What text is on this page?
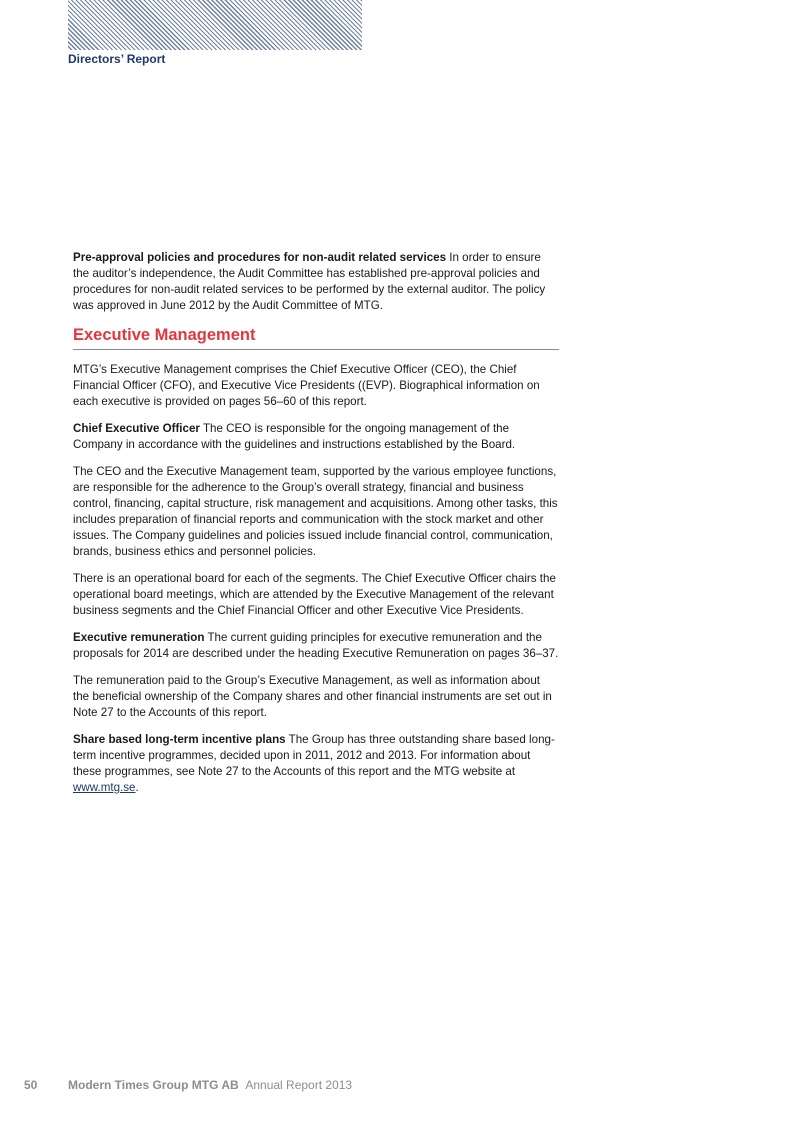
Directors’ Report

Pre-approval policies and procedures for non-audit related services In order to ensure the auditor’s independence, the Audit Committee has established pre-approval policies and procedures for non-audit related services to be performed by the external auditor. The policy was approved in June 2012 by the Audit Committee of MTG.

Executive Management

MTG’s Executive Management comprises the Chief Executive Officer (CEO), the Chief Financial Officer (CFO), and Executive Vice Presidents ((EVP). Biographical information on each executive is provided on pages 56–60 of this report.

Chief Executive Officer The CEO is responsible for the ongoing management of the Company in accordance with the guidelines and instructions established by the Board.

The CEO and the Executive Management team, supported by the various employee functions, are responsible for the adherence to the Group’s overall strategy, financial and business control, financing, capital structure, risk management and acquisitions. Among other tasks, this includes preparation of financial reports and communication with the stock market and other issues. The Company guidelines and policies issued include financial control, communication, brands, business ethics and personnel policies.

There is an operational board for each of the segments. The Chief Executive Officer chairs the operational board meetings, which are attended by the Executive Management of the relevant business segments and the Chief Financial Officer and other Executive Vice Presidents.

Executive remuneration The current guiding principles for executive remuneration and the proposals for 2014 are described under the heading Executive Remuneration on pages 36–37.

The remuneration paid to the Group’s Executive Management, as well as information about the beneficial ownership of the Company shares and other financial instruments are set out in Note 27 to the Accounts of this report.

Share based long-term incentive plans The Group has three outstanding share based long-term incentive programmes, decided upon in 2011, 2012 and 2013. For information about these programmes, see Note 27 to the Accounts of this report and the MTG website at www.mtg.se.

50	Modern Times Group MTG AB Annual Report 2013
